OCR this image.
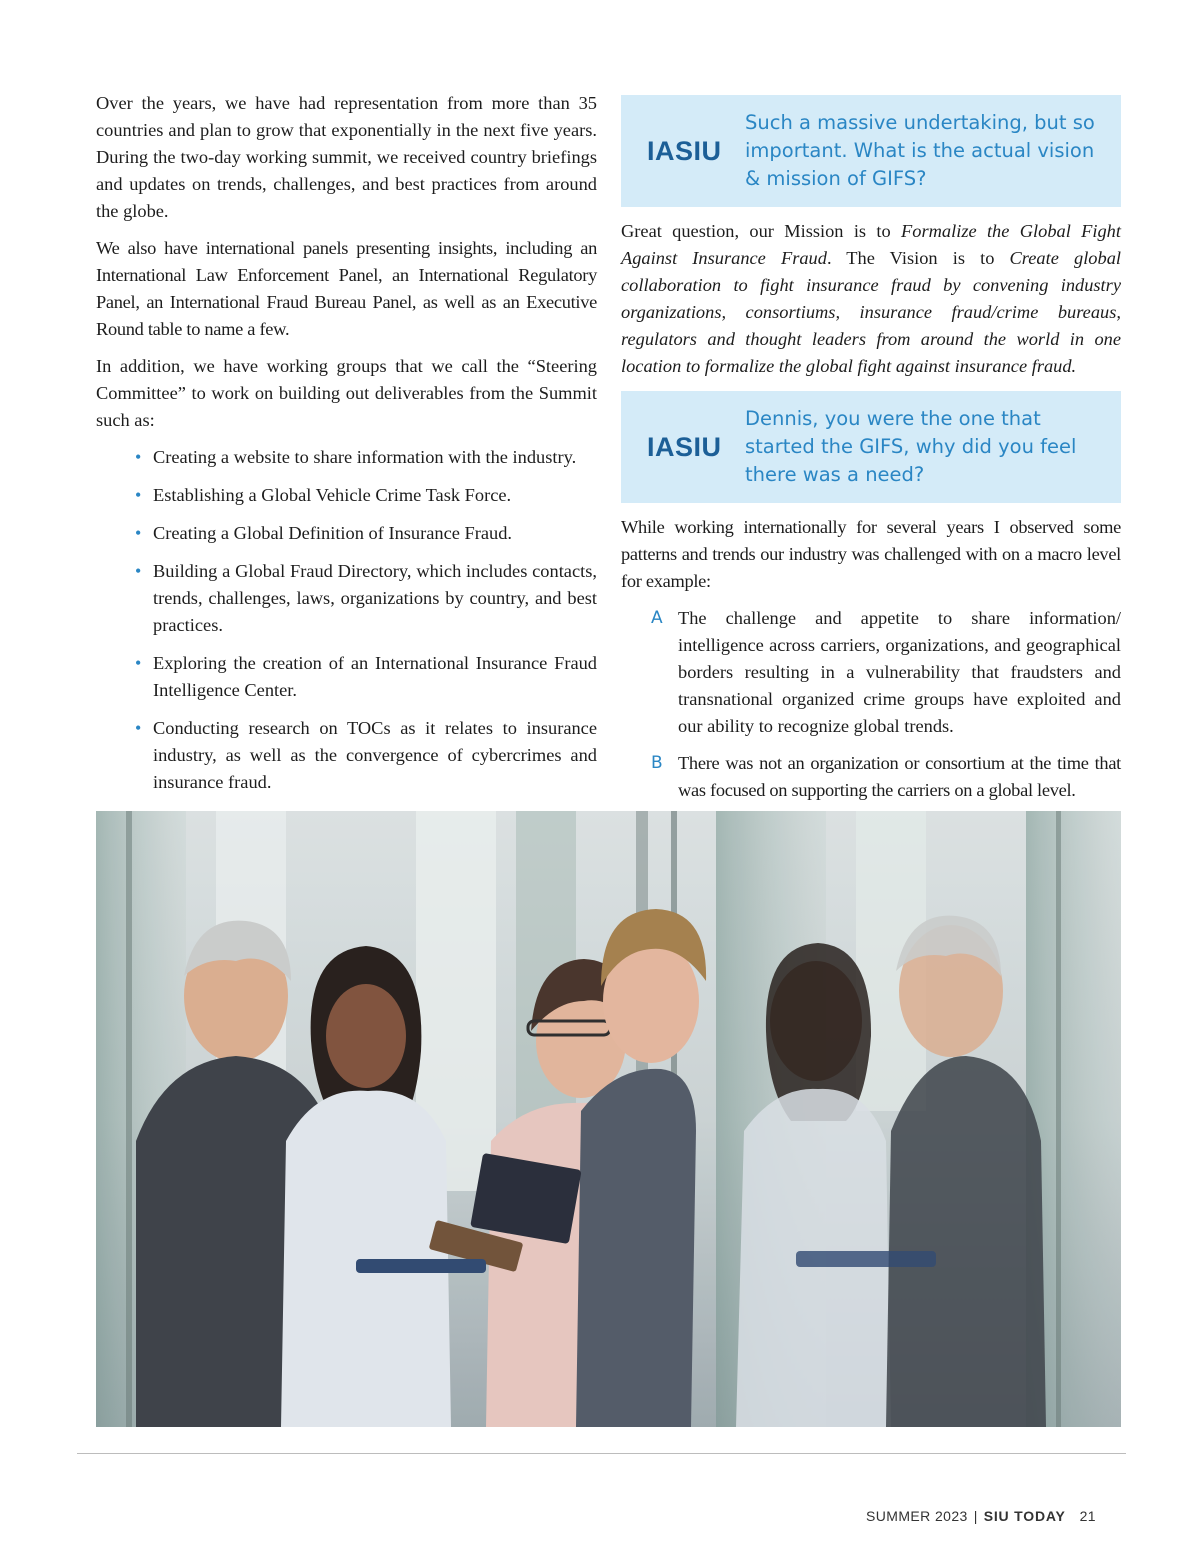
Over the years, we have had representation from more than 35 countries and plan to grow that exponentially in the next five years. During the two-day working summit, we received country briefings and updates on trends, challenges, and best practices from around the globe.

We also have international panels presenting insights, including an International Law Enforcement Panel, an International Regulatory Panel, an International Fraud Bureau Panel, as well as an Executive Round table to name a few.

In addition, we have working groups that we call the “Steering Committee” to work on building out deliverables from the Summit such as:

• Creating a website to share information with the industry.
• Establishing a Global Vehicle Crime Task Force.
• Creating a Global Definition of Insurance Fraud.
• Building a Global Fraud Directory, which includes contacts, trends, challenges, laws, organizations by country, and best practices.
• Exploring the creation of an International Insurance Fraud Intelligence Center.
• Conducting research on TOCs as it relates to insurance industry, as well as the convergence of cybercrimes and insurance fraud.
IASIU
Such a massive undertaking, but so important. What is the actual vision & mission of GIFS?

Great question, our Mission is to Formalize the Global Fight Against Insurance Fraud. The Vision is to Create global collaboration to fight insurance fraud by convening industry organizations, consortiums, insurance fraud/crime bureaus, regulators and thought leaders from around the world in one location to formalize the global fight against insurance fraud.

IASIU
Dennis, you were the one that started the GIFS, why did you feel there was a need?

While working internationally for several years I observed some patterns and trends our industry was challenged with on a macro level for example:

A The challenge and appetite to share information/ intelligence across carriers, organizations, and geographical borders resulting in a vulnerability that fraudsters and transnational organized crime groups have exploited and our ability to recognize global trends.
B There was not an organization or consortium at the time that was focused on supporting the carriers on a global level.
SUMMER 2023 | SIU TODAY 21
